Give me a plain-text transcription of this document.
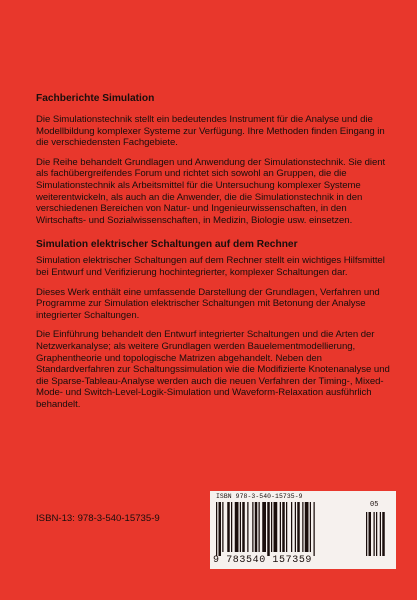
Fachberichte Simulation

Die Simulationstechnik stellt ein bedeutendes Instrument für die Analyse und die Modellbildung komplexer Systeme zur Verfügung. Ihre Methoden finden Eingang in die verschiedensten Fachgebiete.

Die Reihe behandelt Grundlagen und Anwendung der Simulationstechnik. Sie dient als fachübergreifendes Forum und richtet sich sowohl an Gruppen, die die Simulationstechnik als Arbeitsmittel für die Untersuchung komplexer Systeme weiterentwickeln, als auch an die Anwender, die die Simulationstechnik in den verschiedenen Bereichen von Natur- und Ingenieurwissenschaften, in den Wirtschafts- und Sozialwissenschaften, in Medizin, Biologie usw. einsetzen.

Simulation elektrischer Schaltungen auf dem Rechner

Simulation elektrischer Schaltungen auf dem Rechner stellt ein wichtiges Hilfsmittel bei Entwurf und Verifizierung hochintegrierter, komplexer Schaltungen dar.

Dieses Werk enthält eine umfassende Darstellung der Grundlagen, Verfahren und Programme zur Simulation elektrischer Schaltungen mit Betonung der Analyse integrierter Schaltungen.

Die Einführung behandelt den Entwurf integrierter Schaltungen und die Arten der Netzwerkanalyse; als weitere Grundlagen werden Bauelementmodellierung, Graphentheorie und topologische Matrizen abgehandelt. Neben den Standardverfahren zur Schaltungssimulation wie die Modifizierte Knotenanalyse und die Sparse-Tableau-Analyse werden auch die neuen Verfahren der Timing-, Mixed-Mode- und Switch-Level-Logik-Simulation und Waveform-Relaxation ausführlich behandelt.

ISBN-13: 978-3-540-15735-9
ISBN 978-3-540-15735-9
05
9 783540 157359
